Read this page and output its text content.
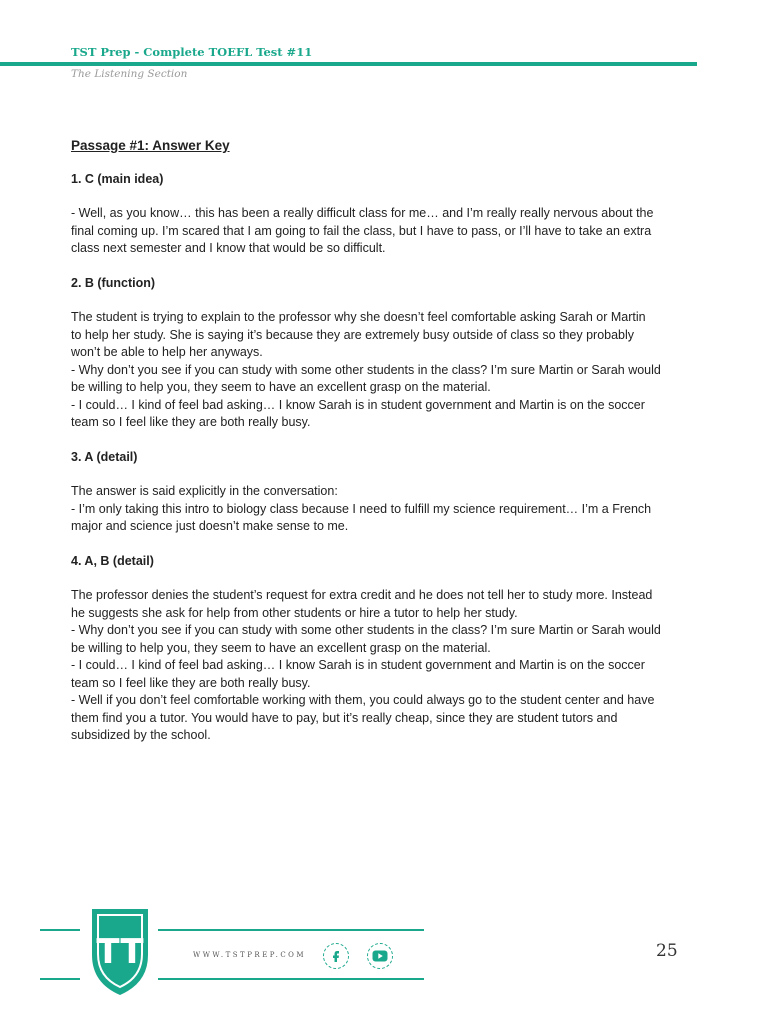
TST Prep - Complete TOEFL Test #11
The Listening Section
Passage #1: Answer Key
1. C (main idea)
- Well, as you know… this has been a really difficult class for me… and I’m really really nervous about the
final coming up. I’m scared that I am going to fail the class, but I have to pass, or I’ll have to take an extra
class next semester and I know that would be so difficult.
2. B (function)
The student is trying to explain to the professor why she doesn’t feel comfortable asking Sarah or Martin
to help her study. She is saying it’s because they are extremely busy outside of class so they probably
won’t be able to help her anyways.
- Why don’t you see if you can study with some other students in the class? I’m sure Martin or Sarah would
be willing to help you, they seem to have an excellent grasp on the material.
- I could… I kind of feel bad asking… I know Sarah is in student government and Martin is on the soccer
team so I feel like they are both really busy.
3. A (detail)
The answer is said explicitly in the conversation:
- I’m only taking this intro to biology class because I need to fulfill my science requirement… I’m a French
major and science just doesn’t make sense to me.
4. A, B (detail)
The professor denies the student’s request for extra credit and he does not tell her to study more. Instead
he suggests she ask for help from other students or hire a tutor to help her study.
- Why don’t you see if you can study with some other students in the class? I’m sure Martin or Sarah would
be willing to help you, they seem to have an excellent grasp on the material.
- I could… I kind of feel bad asking… I know Sarah is in student government and Martin is on the soccer
team so I feel like they are both really busy.
- Well if you don’t feel comfortable working with them, you could always go to the student center and have
them find you a tutor. You would have to pay, but it’s really cheap, since they are student tutors and
subsidized by the school.
TT	WWW.TSTPREP.COM	25
